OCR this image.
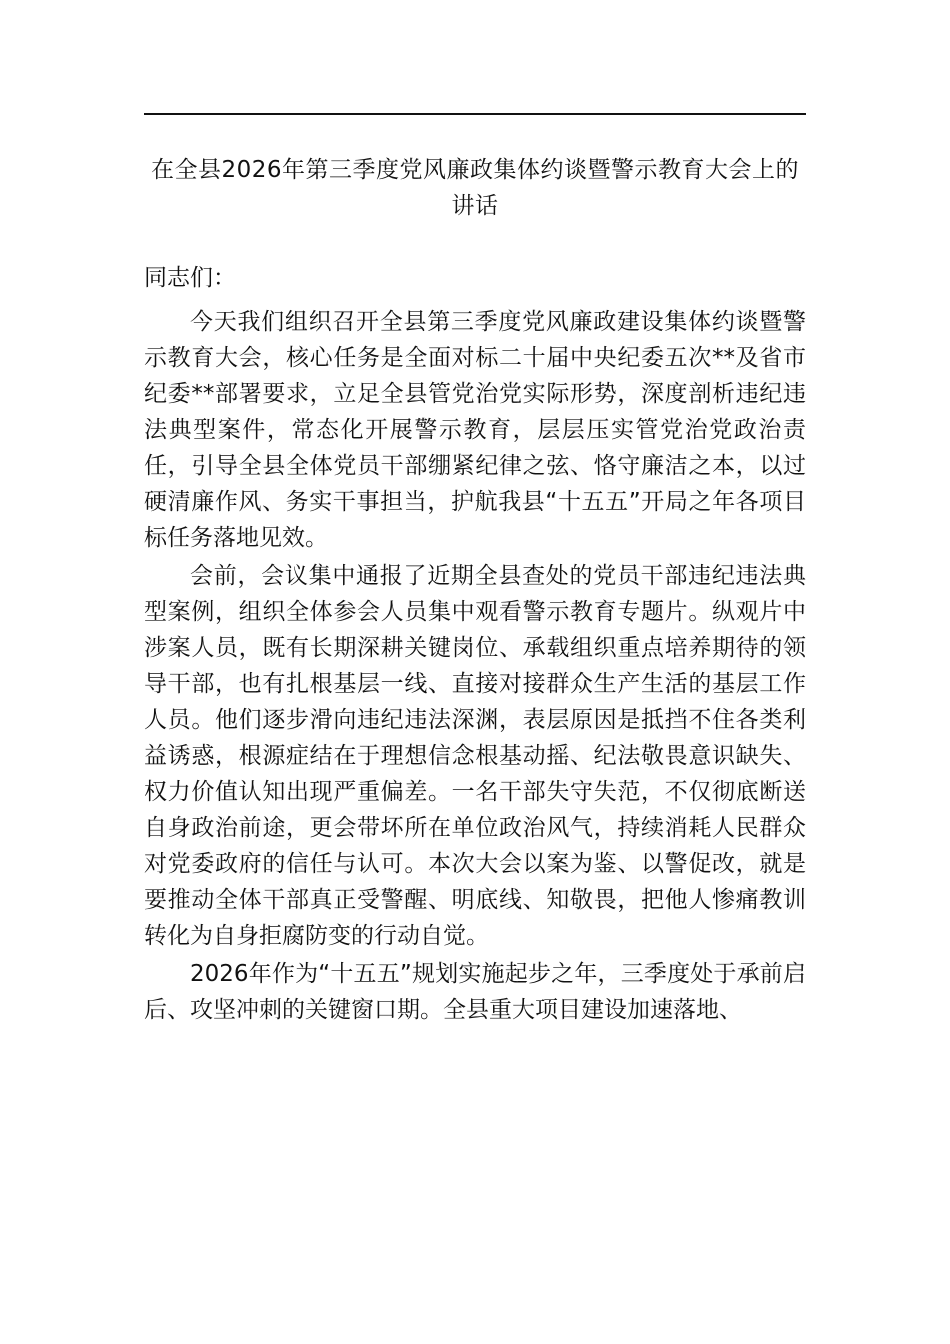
在全县2026年第三季度党风廉政集体约谈暨警示教育大会上的讲话

同志们：

今天我们组织召开全县第三季度党风廉政建设集体约谈暨警示教育大会，核心任务是全面对标二十届中央纪委五次**及省市纪委**部署要求，立足全县管党治党实际形势，深度剖析违纪违法典型案件，常态化开展警示教育，层层压实管党治党政治责任，引导全县全体党员干部绷紧纪律之弦、恪守廉洁之本，以过硬清廉作风、务实干事担当，护航我县“十五五”开局之年各项目标任务落地见效。

会前，会议集中通报了近期全县查处的党员干部违纪违法典型案例，组织全体参会人员集中观看警示教育专题片。纵观片中涉案人员，既有长期深耕关键岗位、承载组织重点培养期待的领导干部，也有扎根基层一线、直接对接群众生产生活的基层工作人员。他们逐步滑向违纪违法深渊，表层原因是抵挡不住各类利益诱惑，根源症结在于理想信念根基动摇、纪法敬畏意识缺失、权力价值认知出现严重偏差。一名干部失守失范，不仅彻底断送自身政治前途，更会带坏所在单位政治风气，持续消耗人民群众对党委政府的信任与认可。本次大会以案为鉴、以警促改，就是要推动全体干部真正受警醒、明底线、知敬畏，把他人惨痛教训转化为自身拒腐防变的行动自觉。

2026年作为“十五五”规划实施起步之年，三季度处于承前启后、攻坚冲刺的关键窗口期。全县重大项目建设加速落地、
